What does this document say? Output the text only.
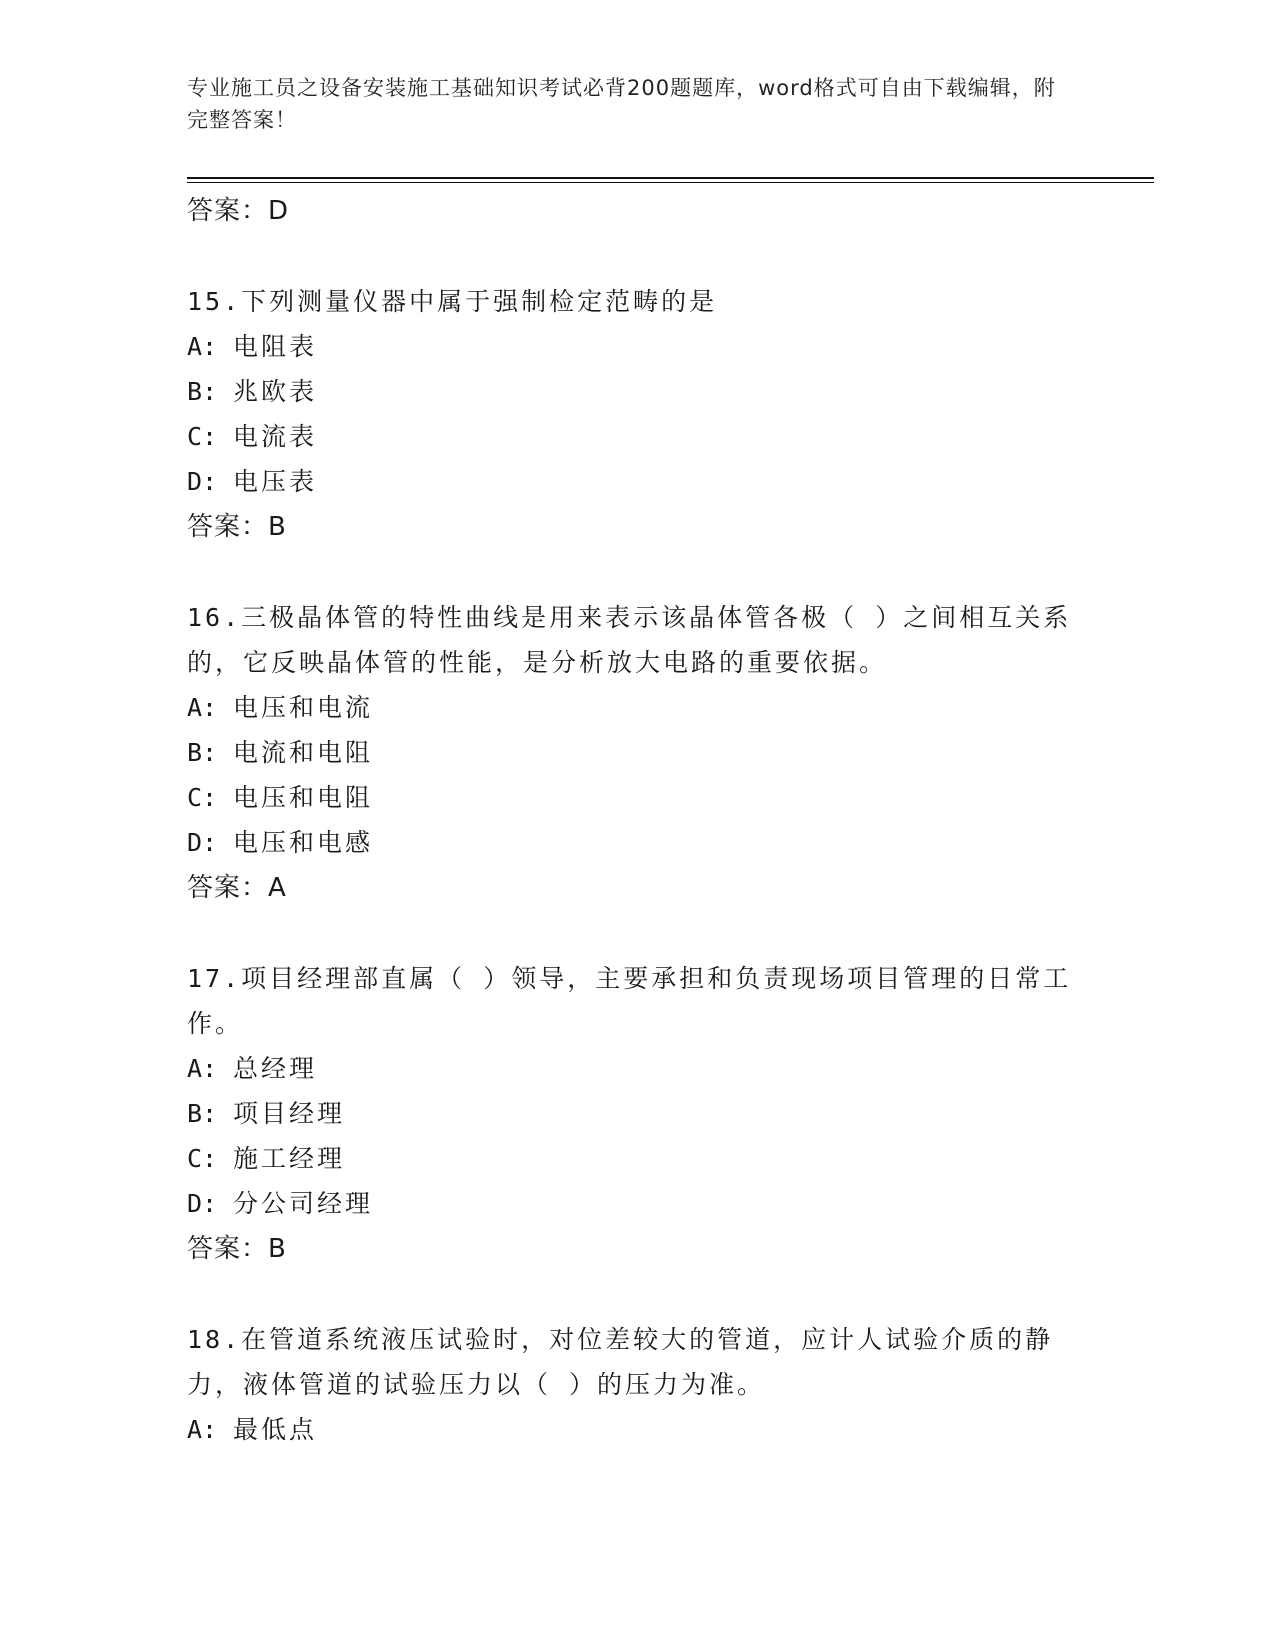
专业施工员之设备安装施工基础知识考试必背200题题库，word格式可自由下载编辑，附完整答案！
答案：D
15.下列测量仪器中属于强制检定范畴的是
A: 电阻表
B: 兆欧表
C: 电流表
D: 电压表
答案：B
16.三极晶体管的特性曲线是用来表示该晶体管各极（ ）之间相互关系的，它反映晶体管的性能，是分析放大电路的重要依据。
A: 电压和电流
B: 电流和电阻
C: 电压和电阻
D: 电压和电感
答案：A
17.项目经理部直属（ ）领导，主要承担和负责现场项目管理的日常工作。
A: 总经理
B: 项目经理
C: 施工经理
D: 分公司经理
答案：B
18.在管道系统液压试验时，对位差较大的管道，应计人试验介质的静力，液体管道的试验压力以（ ）的压力为准。
A: 最低点
